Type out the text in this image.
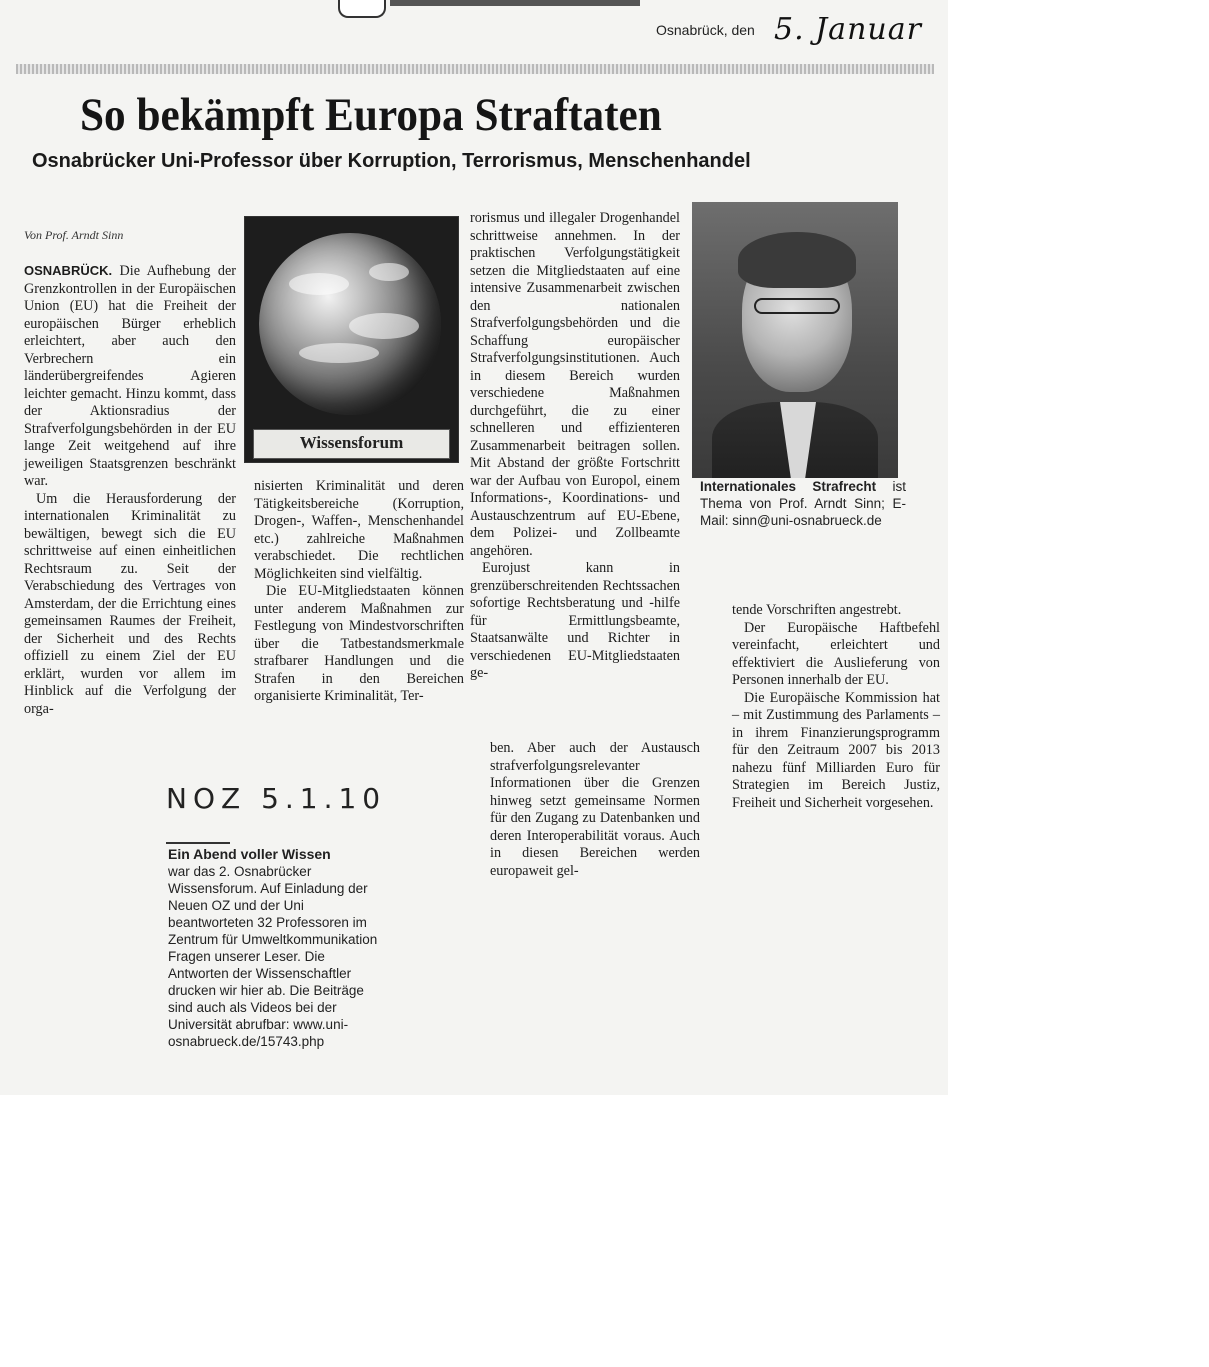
Osnabrück, den 5. Januar
So bekämpft Europa Straftaten
Osnabrücker Uni-Professor über Korruption, Terrorismus, Menschenhandel
Von Prof. Arndt Sinn

OSNABRÜCK. Die Aufhebung der Grenzkontrollen in der Europäischen Union (EU) hat die Freiheit der europäischen Bürger erheblich erleichtert, aber auch den Verbrechern ein länderübergreifendes Agieren leichter gemacht. Hinzu kommt, dass der Aktionsradius der Strafverfolgungsbehörden in der EU lange Zeit weitgehend auf ihre jeweiligen Staatsgrenzen beschränkt war.

Um die Herausforderung der internationalen Kriminalität zu bewältigen, bewegt sich die EU schrittweise auf einen einheitlichen Rechtsraum zu. Seit der Verabschiedung des Vertrages von Amsterdam, der die Errichtung eines gemeinsamen Raumes der Freiheit, der Sicherheit und des Rechts offiziell zu einem Ziel der EU erklärt, wurden vor allem im Hinblick auf die Verfolgung der orga-

Wissensforum

nisierten Kriminalität und deren Tätigkeitsbereiche (Korruption, Drogen-, Waffen-, Menschenhandel etc.) zahlreiche Maßnahmen verabschiedet. Die rechtlichen Möglichkeiten sind vielfältig.

Die EU-Mitgliedstaaten können unter anderem Maßnahmen zur Festlegung von Mindestvorschriften über die Tatbestandsmerkmale strafbarer Handlungen und die Strafen in den Bereichen organisierte Kriminalität, Ter-

rorismus und illegaler Drogenhandel schrittweise annehmen. In der praktischen Verfolgungstätigkeit setzen die Mitgliedstaaten auf eine intensive Zusammenarbeit zwischen den nationalen Strafverfolgungsbehörden und die Schaffung europäischer Strafverfolgungsinstitutionen. Auch in diesem Bereich wurden verschiedene Maßnahmen durchgeführt, die zu einer schnelleren und effizienteren Zusammenarbeit beitragen sollen. Mit Abstand der größte Fortschritt war der Aufbau von Europol, einem Informations-, Koordinations- und Austauschzentrum auf EU-Ebene, dem Polizei- und Zollbeamte angehören.

Eurojust kann in grenzüberschreitenden Rechtssachen sofortige Rechtsberatung und -hilfe für Ermittlungsbeamte, Staatsanwälte und Richter in verschiedenen EU-Mitgliedstaaten ge-

ben. Aber auch der Austausch strafverfolgungsrelevanter Informationen über die Grenzen hinweg setzt gemeinsame Normen für den Zugang zu Datenbanken und deren Interoperabilität voraus. Auch in diesen Bereichen werden europaweit gel-

Internationales Strafrecht ist Thema von Prof. Arndt Sinn; E-Mail: sinn@uni-osnabrueck.de

tende Vorschriften angestrebt.

Der Europäische Haftbefehl vereinfacht, erleichtert und effektiviert die Auslieferung von Personen innerhalb der EU.

Die Europäische Kommission hat – mit Zustimmung des Parlaments – in ihrem Finanzierungsprogramm für den Zeitraum 2007 bis 2013 nahezu fünf Milliarden Euro für Strategien im Bereich Justiz, Freiheit und Sicherheit vorgesehen.

NOZ 5.1.10
Ein Abend voller Wissen
war das 2. Osnabrücker Wissensforum. Auf Einladung der Neuen OZ und der Uni beantworteten 32 Professoren im Zentrum für Umweltkommunikation Fragen unserer Leser. Die Antworten der Wissenschaftler drucken wir hier ab. Die Beiträge sind auch als Videos bei der Universität abrufbar: www.uni-osnabrueck.de/15743.php
